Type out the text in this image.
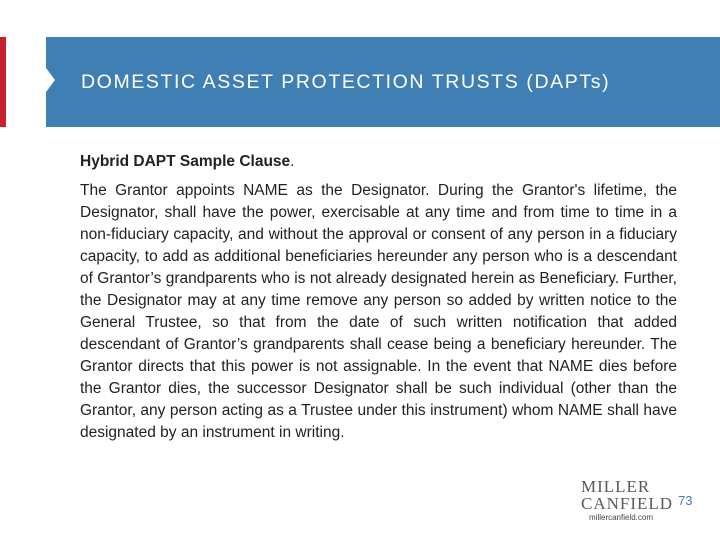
DOMESTIC ASSET PROTECTION TRUSTS (DAPTs)
Hybrid DAPT Sample Clause.
The Grantor appoints NAME as the Designator. During the Grantor's lifetime, the Designator, shall have the power, exercisable at any time and from time to time in a non-fiduciary capacity, and without the approval or consent of any person in a fiduciary capacity, to add as additional beneficiaries hereunder any person who is a descendant of Grantor’s grandparents who is not already designated herein as Beneficiary. Further, the Designator may at any time remove any person so added by written notice to the General Trustee, so that from the date of such written notification that added descendant of Grantor’s grandparents shall cease being a beneficiary hereunder. The Grantor directs that this power is not assignable. In the event that NAME dies before the Grantor dies, the successor Designator shall be such individual (other than the Grantor, any person acting as a Trustee under this instrument) whom NAME shall have designated by an instrument in writing.
MILLER
CANFIELD
millercanfield.com
73
